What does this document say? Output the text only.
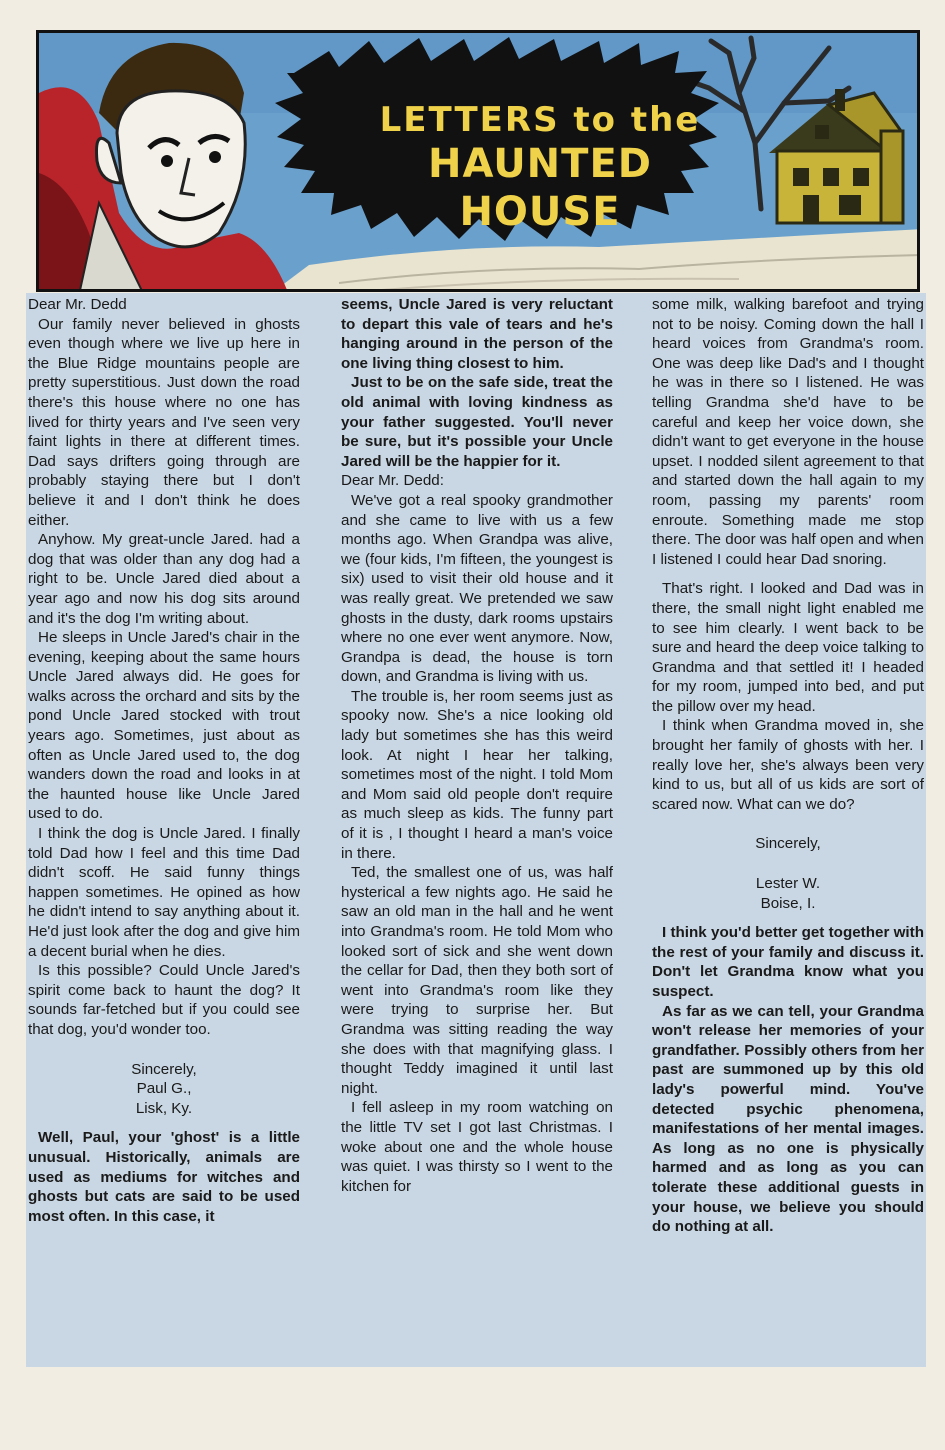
LETTERS to the
HAUNTED HOUSE

Dear Mr. Dedd

Our family never believed in ghosts even though where we live up here in the Blue Ridge mountains people are pretty superstitious. Just down the road there's this house where no one has lived for thirty years and I've seen very faint lights in there at different times. Dad says drifters going through are probably staying there but I don't believe it and I don't think he does either.

Anyhow. My great-uncle Jared. had a dog that was older than any dog had a right to be. Uncle Jared died about a year ago and now his dog sits around and it's the dog I'm writing about.

He sleeps in Uncle Jared's chair in the evening, keeping about the same hours Uncle Jared always did. He goes for walks across the orchard and sits by the pond Uncle Jared stocked with trout years ago. Sometimes, just about as often as Uncle Jared used to, the dog wanders down the road and looks in at the haunted house like Uncle Jared used to do.

I think the dog is Uncle Jared. I finally told Dad how I feel and this time Dad didn't scoff. He said funny things happen sometimes. He opined as how he didn't intend to say anything about it. He'd just look after the dog and give him a decent burial when he dies.

Is this possible? Could Uncle Jared's spirit come back to haunt the dog? It sounds far-fetched but if you could see that dog, you'd wonder too.

Sincerely,

Paul G.,

Lisk, Ky.

Well, Paul, your 'ghost' is a little unusual. Historically, animals are used as mediums for witches and ghosts but cats are said to be used most often. In this case, it

seems, Uncle Jared is very reluctant to depart this vale of tears and he's hanging around in the person of the one living thing closest to him.

Just to be on the safe side, treat the old animal with loving kindness as your father suggested. You'll never be sure, but it's possible your Uncle Jared will be the happier for it.

Dear Mr. Dedd:

We've got a real spooky grandmother and she came to live with us a few months ago. When Grandpa was alive, we (four kids, I'm fifteen, the youngest is six) used to visit their old house and it was really great. We pretended we saw ghosts in the dusty, dark rooms upstairs where no one ever went anymore. Now, Grandpa is dead, the house is torn down, and Grandma is living with us.

The trouble is, her room seems just as spooky now. She's a nice looking old lady but sometimes she has this weird look. At night I hear her talking, sometimes most of the night. I told Mom and Mom said old people don't require as much sleep as kids. The funny part of it is , I thought I heard a man's voice in there.

Ted, the smallest one of us, was half hysterical a few nights ago. He said he saw an old man in the hall and he went into Grandma's room. He told Mom who looked sort of sick and she went down the cellar for Dad, then they both sort of went into Grandma's room like they were trying to surprise her. But Grandma was sitting reading the way she does with that magnifying glass. I thought Teddy imagined it until last night.

I fell asleep in my room watching on the little TV set I got last Christmas. I woke about one and the whole house was quiet. I was thirsty so I went to the kitchen for

some milk, walking barefoot and trying not to be noisy. Coming down the hall I heard voices from Grandma's room. One was deep like Dad's and I thought he was in there so I listened. He was telling Grandma she'd have to be careful and keep her voice down, she didn't want to get everyone in the house upset. I nodded silent agreement to that and started down the hall again to my room, passing my parents' room enroute. Something made me stop there. The door was half open and when I listened I could hear Dad snoring.

That's right. I looked and Dad was in there, the small night light enabled me to see him clearly. I went back to be sure and heard the deep voice talking to Grandma and that settled it! I headed for my room, jumped into bed, and put the pillow over my head.

I think when Grandma moved in, she brought her family of ghosts with her. I really love her, she's always been very kind to us, but all of us kids are sort of scared now. What can we do?

Sincerely,

Lester W.

Boise, I.

I think you'd better get together with the rest of your family and discuss it. Don't let Grandma know what you suspect.

As far as we can tell, your Grandma won't release her memories of your grandfather. Possibly others from her past are summoned up by this old lady's powerful mind. You've detected psychic phenomena, manifestations of her mental images. As long as no one is physically harmed and as long as you can tolerate these additional guests in your house, we believe you should do nothing at all.
